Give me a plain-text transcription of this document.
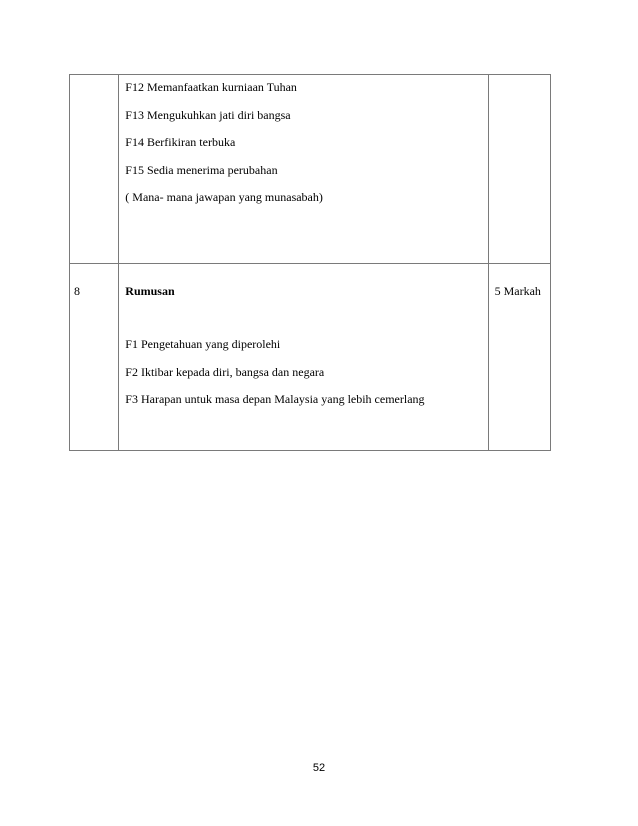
	F12 Memanfaatkan kurniaan Tuhan
F13 Mengukuhkan jati diri bangsa
F14 Berfikiran terbuka
F15 Sedia menerima perubahan
( Mana- mana jawapan yang munasabah)	

8	Rumusan
F1 Pengetahuan yang diperolehi
F2 Iktibar kepada diri, bangsa dan negara
F3 Harapan untuk masa depan Malaysia yang lebih cemerlang	5 Markah
52
